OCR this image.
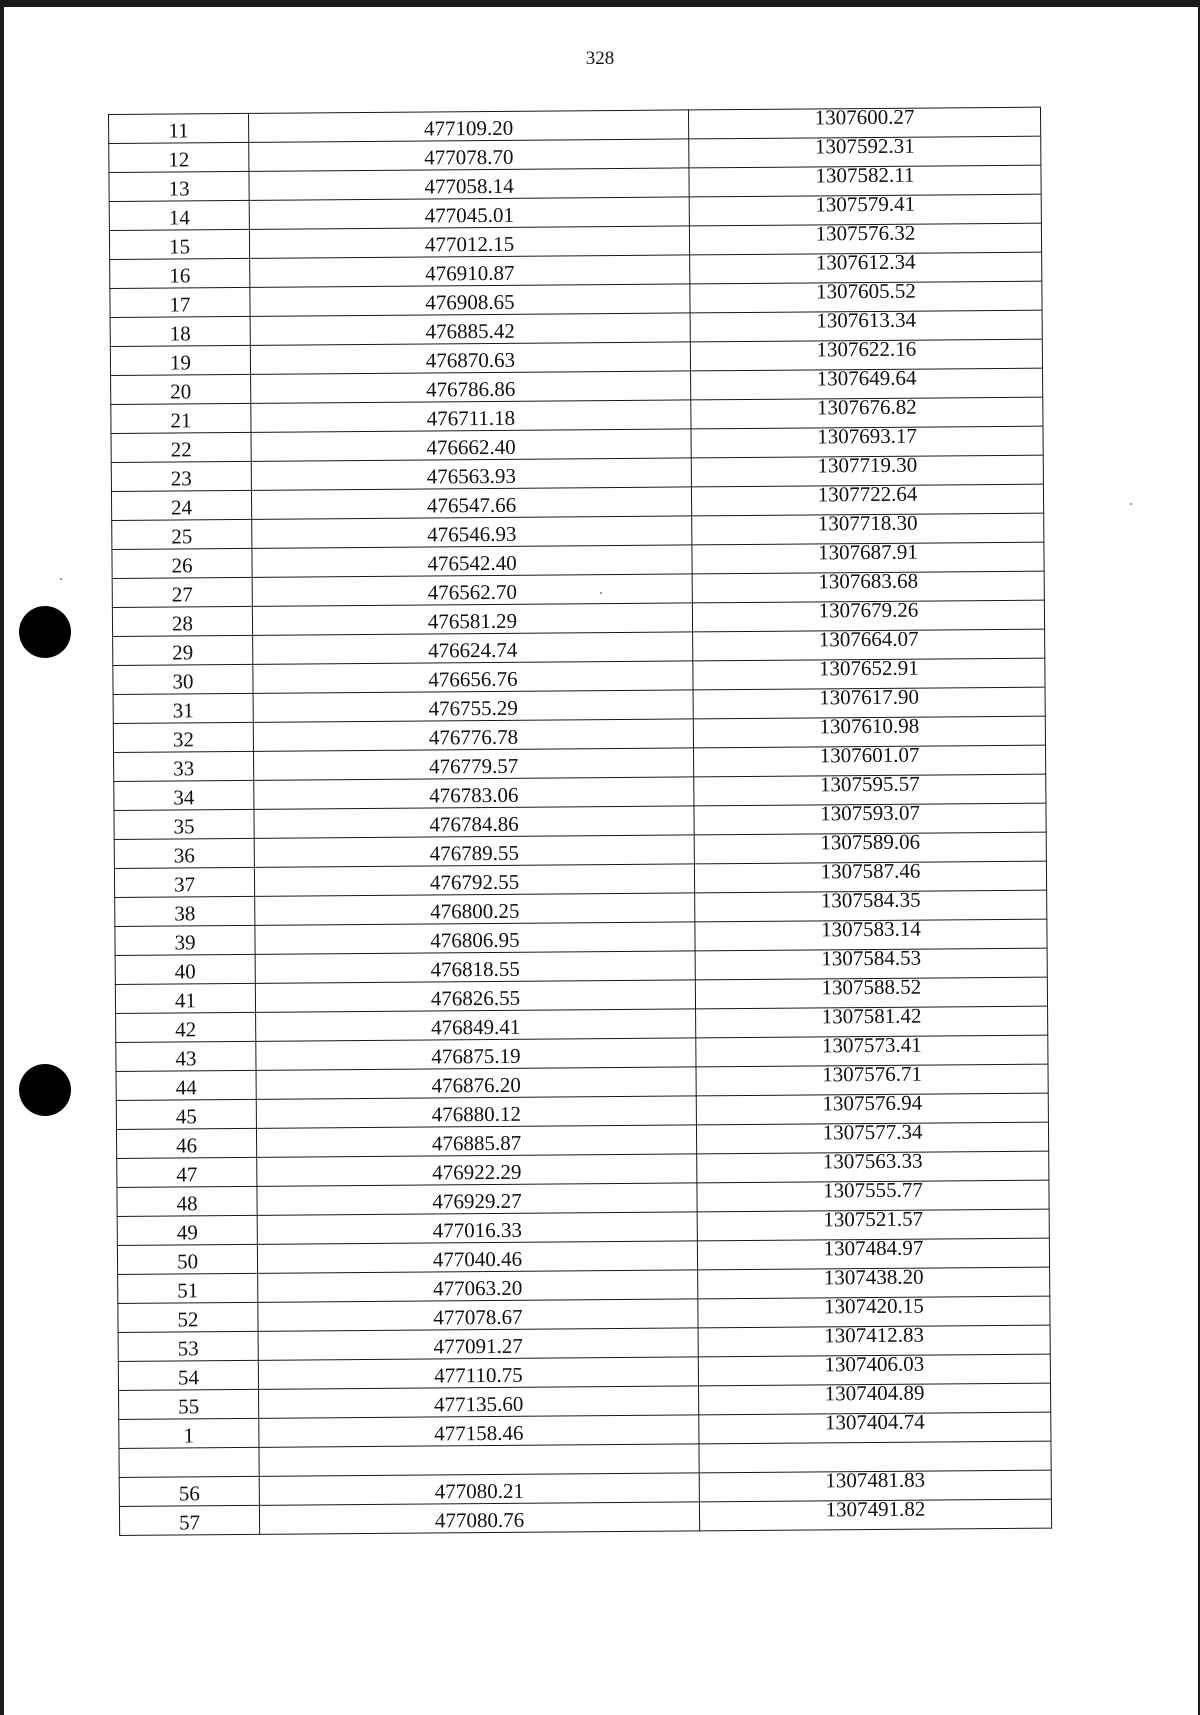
328
11	477109.20	1307600.27
12	477078.70	1307592.31
13	477058.14	1307582.11
14	477045.01	1307579.41
15	477012.15	1307576.32
16	476910.87	1307612.34
17	476908.65	1307605.52
18	476885.42	1307613.34
19	476870.63	1307622.16
20	476786.86	1307649.64
21	476711.18	1307676.82
22	476662.40	1307693.17
23	476563.93	1307719.30
24	476547.66	1307722.64
25	476546.93	1307718.30
26	476542.40	1307687.91
27	476562.70	1307683.68
28	476581.29	1307679.26
29	476624.74	1307664.07
30	476656.76	1307652.91
31	476755.29	1307617.90
32	476776.78	1307610.98
33	476779.57	1307601.07
34	476783.06	1307595.57
35	476784.86	1307593.07
36	476789.55	1307589.06
37	476792.55	1307587.46
38	476800.25	1307584.35
39	476806.95	1307583.14
40	476818.55	1307584.53
41	476826.55	1307588.52
42	476849.41	1307581.42
43	476875.19	1307573.41
44	476876.20	1307576.71
45	476880.12	1307576.94
46	476885.87	1307577.34
47	476922.29	1307563.33
48	476929.27	1307555.77
49	477016.33	1307521.57
50	477040.46	1307484.97
51	477063.20	1307438.20
52	477078.67	1307420.15
53	477091.27	1307412.83
54	477110.75	1307406.03
55	477135.60	1307404.89
1	477158.46	1307404.74

56	477080.21	1307481.83
57	477080.76	1307491.82
